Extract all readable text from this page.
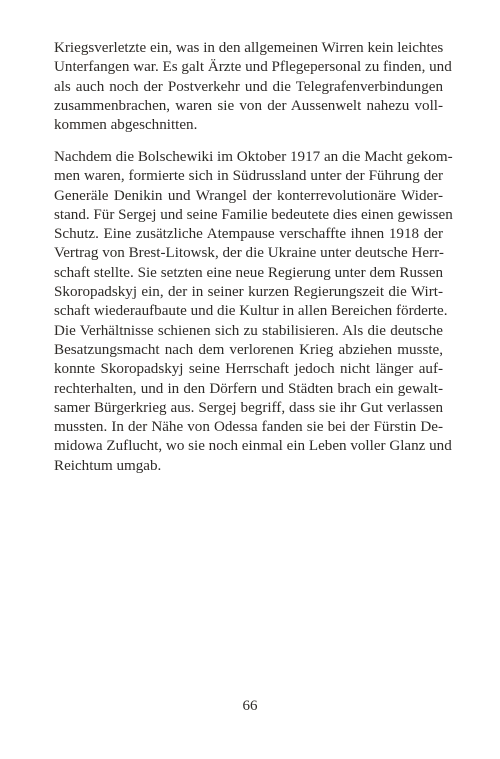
Kriegsverletzte ein, was in den allgemeinen Wirren kein leichtes
Unterfangen war. Es galt Ärzte und Pflegepersonal zu finden, und
als auch noch der Postverkehr und die Telegrafenverbindungen
zusammenbrachen, waren sie von der Aussenwelt nahezu voll-
kommen abgeschnitten.
Nachdem die Bolschewiki im Oktober 1917 an die Macht gekom-
men waren, formierte sich in Südrussland unter der Führung der
Generäle Denikin und Wrangel der konterrevolutionäre Wider-
stand. Für Sergej und seine Familie bedeutete dies einen gewissen
Schutz. Eine zusätzliche Atempause verschaffte ihnen 1918 der
Vertrag von Brest-Litowsk, der die Ukraine unter deutsche Herr-
schaft stellte. Sie setzten eine neue Regierung unter dem Russen
Skoropadskyj ein, der in seiner kurzen Regierungszeit die Wirt-
schaft wiederaufbaute und die Kultur in allen Bereichen förderte.
Die Verhältnisse schienen sich zu stabilisieren. Als die deutsche
Besatzungsmacht nach dem verlorenen Krieg abziehen musste,
konnte Skoropadskyj seine Herrschaft jedoch nicht länger auf-
rechterhalten, und in den Dörfern und Städten brach ein gewalt-
samer Bürgerkrieg aus. Sergej begriff, dass sie ihr Gut verlassen
mussten. In der Nähe von Odessa fanden sie bei der Fürstin De-
midowa Zuflucht, wo sie noch einmal ein Leben voller Glanz und
Reichtum umgab.
66
